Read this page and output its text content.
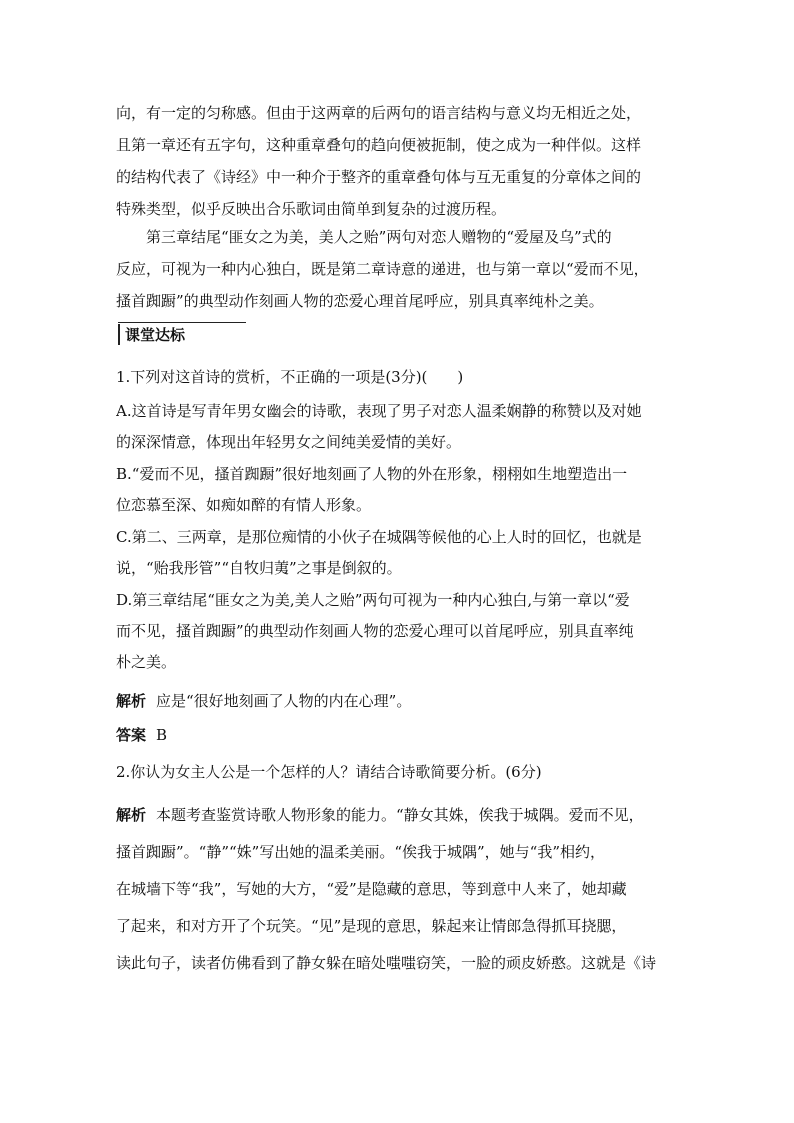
向，有一定的匀称感。但由于这两章的后两句的语言结构与意义均无相近之处，
且第一章还有五字句，这种重章叠句的趋向便被扼制，使之成为一种伴似。这样
的结构代表了《诗经》中一种介于整齐的重章叠句体与互无重复的分章体之间的
特殊类型，似乎反映出合乐歌词由简单到复杂的过渡历程。
　　第三章结尾“匪女之为美，美人之贻”两句对恋人赠物的“爱屋及乌”式的
反应，可视为一种内心独白，既是第二章诗意的递进，也与第一章以“爱而不见，
搔首踟蹰”的典型动作刻画人物的恋爱心理首尾呼应，别具真率纯朴之美。
课堂达标
1.下列对这首诗的赏析，不正确的一项是(3分)(　　)
A.这首诗是写青年男女幽会的诗歌，表现了男子对恋人温柔娴静的称赞以及对她
的深深情意，体现出年轻男女之间纯美爱情的美好。
B.“爱而不见，搔首踟蹰”很好地刻画了人物的外在形象，栩栩如生地塑造出一
位恋慕至深、如痴如醉的有情人形象。
C.第二、三两章，是那位痴情的小伙子在城隅等候他的心上人时的回忆，也就是
说，“贻我彤管”“自牧归荑”之事是倒叙的。
D.第三章结尾“匪女之为美,美人之贻”两句可视为一种内心独白,与第一章以“爱
而不见，搔首踟蹰”的典型动作刻画人物的恋爱心理可以首尾呼应，别具直率纯
朴之美。
解析 应是“很好地刻画了人物的内在心理”。
答案 B
2.你认为女主人公是一个怎样的人？请结合诗歌简要分析。(6分)
解析 本题考查鉴赏诗歌人物形象的能力。“静女其姝，俟我于城隅。爱而不见，
搔首踟蹰”。“静”“姝”写出她的温柔美丽。“俟我于城隅”，她与“我”相约，
在城墙下等“我”，写她的大方，“爱”是隐藏的意思，等到意中人来了，她却藏
了起来，和对方开了个玩笑。“见”是现的意思，躲起来让情郎急得抓耳挠腮，
读此句子，读者仿佛看到了静女躲在暗处嗤嗤窃笑，一脸的顽皮娇憨。这就是《诗
